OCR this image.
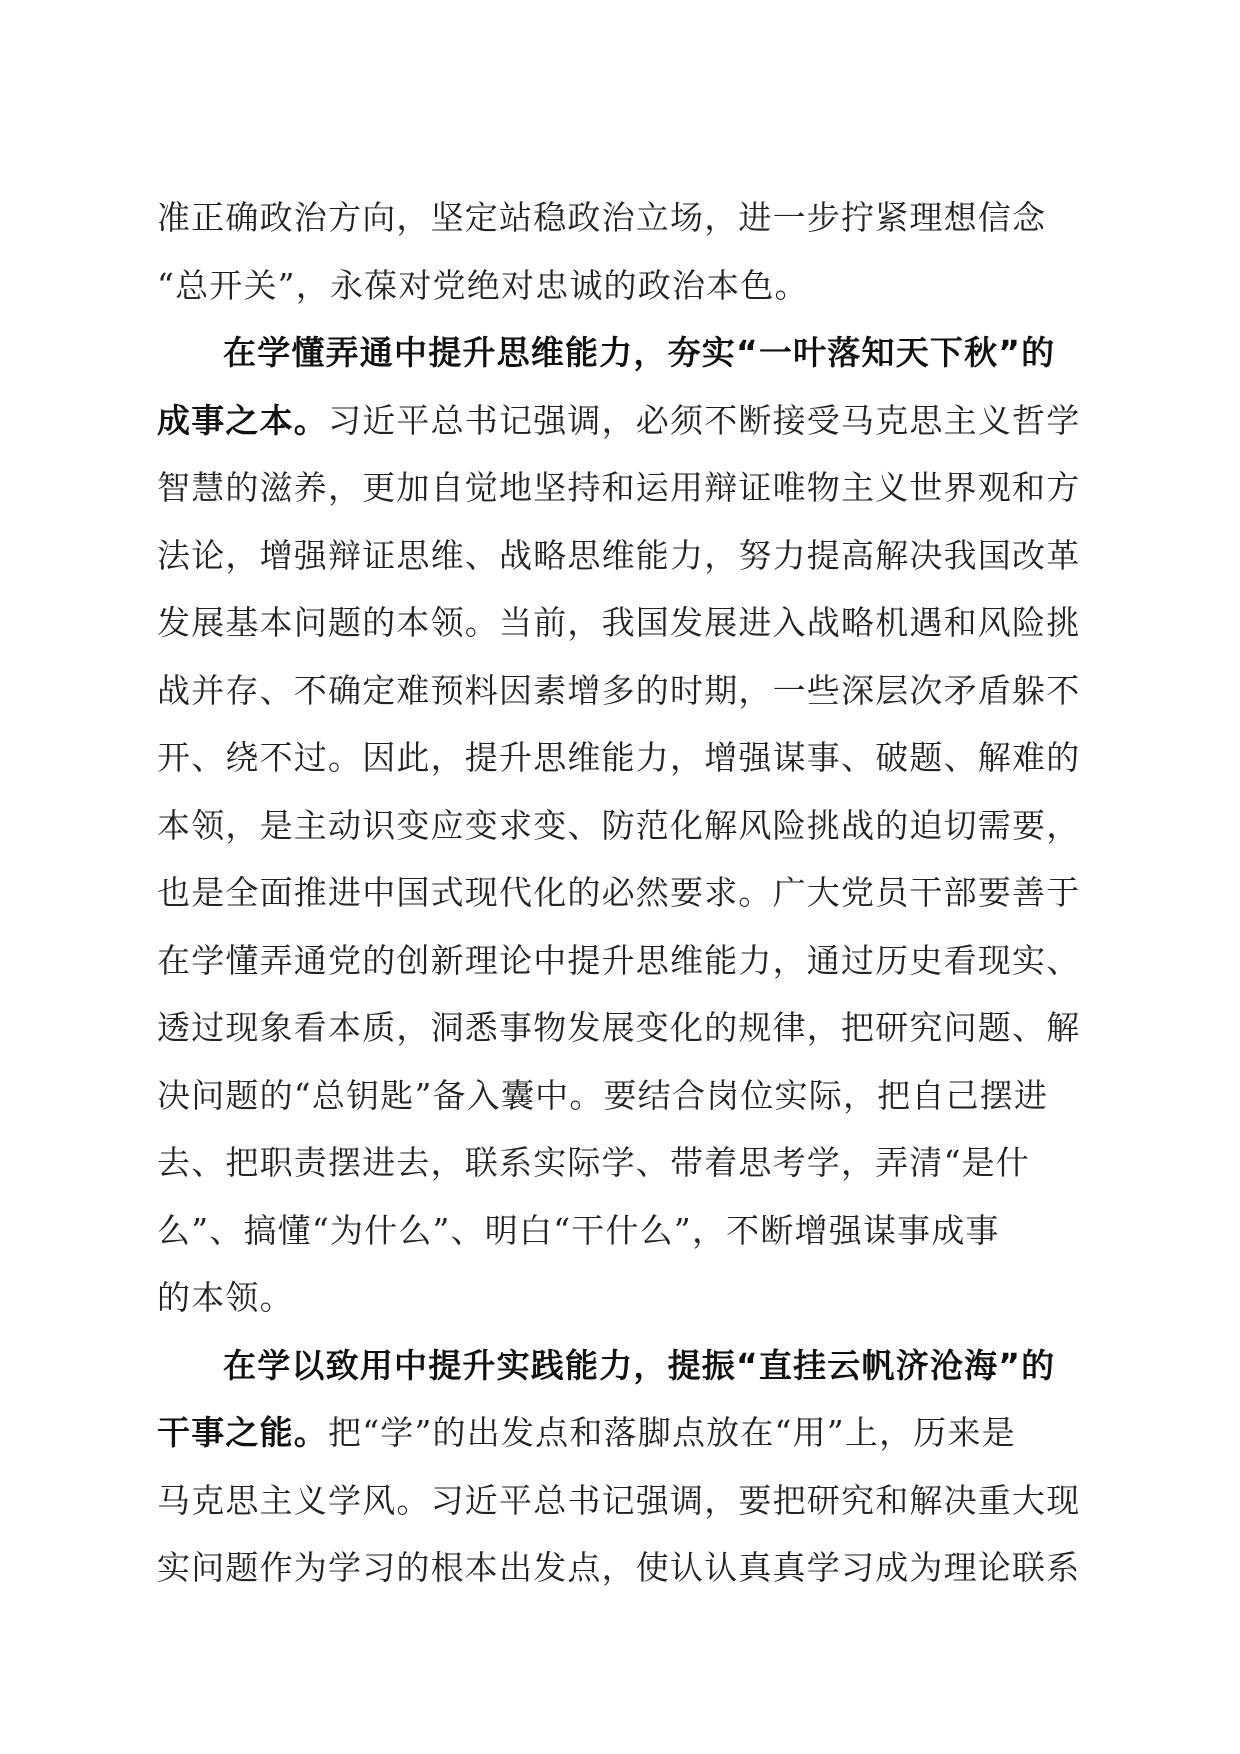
准正确政治方向，坚定站稳政治立场，进一步拧紧理想信念
“总开关”，永葆对党绝对忠诚的政治本色。
在学懂弄通中提升思维能力，夯实“一叶落知天下秋”的
成事之本。习近平总书记强调，必须不断接受马克思主义哲学
智慧的滋养，更加自觉地坚持和运用辩证唯物主义世界观和方
法论，增强辩证思维、战略思维能力，努力提高解决我国改革
发展基本问题的本领。当前，我国发展进入战略机遇和风险挑
战并存、不确定难预料因素增多的时期，一些深层次矛盾躲不
开、绕不过。因此，提升思维能力，增强谋事、破题、解难的
本领，是主动识变应变求变、防范化解风险挑战的迫切需要，
也是全面推进中国式现代化的必然要求。广大党员干部要善于
在学懂弄通党的创新理论中提升思维能力，通过历史看现实、
透过现象看本质，洞悉事物发展变化的规律，把研究问题、解
决问题的“总钥匙”备入囊中。要结合岗位实际，把自己摆进
去、把职责摆进去，联系实际学、带着思考学，弄清“是什
么”、搞懂“为什么”、明白“干什么”，不断增强谋事成事
的本领。
在学以致用中提升实践能力，提振“直挂云帆济沧海”的
干事之能。把“学”的出发点和落脚点放在“用”上，历来是
马克思主义学风。习近平总书记强调，要把研究和解决重大现
实问题作为学习的根本出发点，使认认真真学习成为理论联系
